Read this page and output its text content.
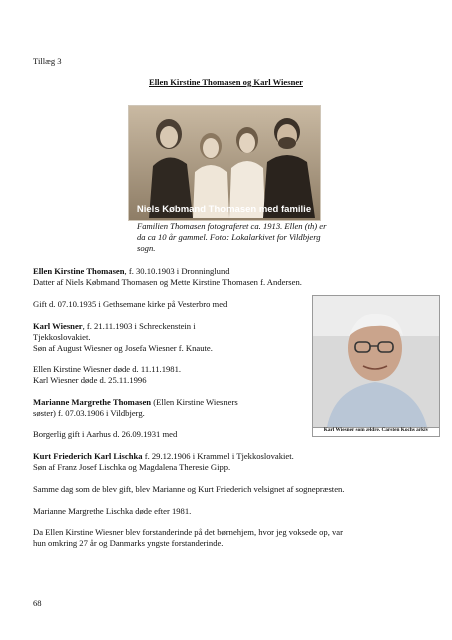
Tillæg 3
Ellen Kirstine Thomasen og Karl Wiesner
Niels Købmand Thomasen med familie
Familien Thomasen fotograferet ca. 1913. Ellen (th) er
da ca 10 år gammel. Foto: Lokalarkivet for Vildbjerg
sogn.
Ellen Kirstine Thomasen, f. 30.10.1903 i Dronninglund
Datter af Niels Købmand Thomasen og Mette Kirstine Thomasen f. Andersen.
Gift d. 07.10.1935 i Gethsemane kirke på Vesterbro med
Karl Wiesner, f. 21.11.1903 i Schreckenstein i
Tjekkoslovakiet.
Søn af August Wiesner og Josefa Wiesner f. Knaute.
Ellen Kirstine Wiesner døde d. 11.11.1981.
Karl Wiesner døde d. 25.11.1996
Marianne Margrethe Thomasen (Ellen Kirstine Wiesners
søster) f. 07.03.1906 i Vildbjerg.
Borgerlig gift i Aarhus d. 26.09.1931 med	Karl Wiesner som ældre. Carsten Kochs arkiv
Kurt Friederich Karl Lischka f. 29.12.1906 i Krammel i Tjekkoslovakiet.
Søn af Franz Josef Lischka og Magdalena Theresie Gipp.
Samme dag som de blev gift, blev Marianne og Kurt Friederich velsignet af sognepræsten.
Marianne Margrethe Lischka døde efter 1981.
Da Ellen Kirstine Wiesner blev forstanderinde på det børnehjem, hvor jeg voksede op, var
hun omkring 27 år og Danmarks yngste forstanderinde.
68
